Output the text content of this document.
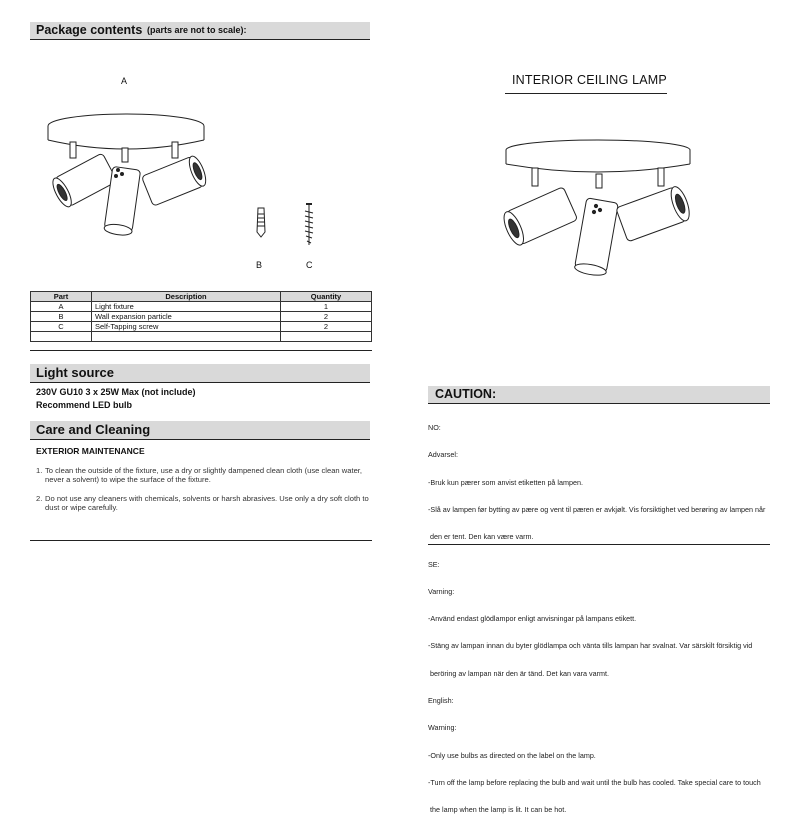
Package contents (parts are not to scale):
A
B	C
Part	Description	Quantity
A	Light fixture	1
B	Wall expansion particle	2
C	Self-Tapping screw	2

Light source
230V GU10 3 x 25W Max (not include)
Recommend LED bulb
Care and Cleaning
EXTERIOR MAINTENANCE
1. To clean the outside of the fixture, use a dry or slightly dampened clean cloth (use clean water,
never a solvent) to wipe the surface of the fixture.
2. Do not use any cleaners with chemicals, solvents or harsh abrasives. Use only a dry soft cloth to
dust or wipe carefully.
INTERIOR CEILING LAMP
CAUTION:

NO:

Advarsel:

-Bruk kun pærer som anvist etiketten på lampen.

-Slå av lampen før bytting av pære og vent til pæren er avkjølt. Vis forsiktighet ved berøring av lampen når

den er tent. Den kan være varm.

SE:

Varning:

-Använd endast glödlampor enligt anvisningar på lampans etikett.

-Stäng av lampan innan du byter glödlampa och vänta tills lampan har svalnat. Var särskilt försiktig vid

beröring av lampan när den är tänd. Det kan vara varmt.

English:

Warning:

-Only use bulbs as directed on the label on the lamp.

-Turn off the lamp before replacing the bulb and wait until the bulb has cooled. Take special care to touch

the lamp when the lamp is lit. It can be hot.
